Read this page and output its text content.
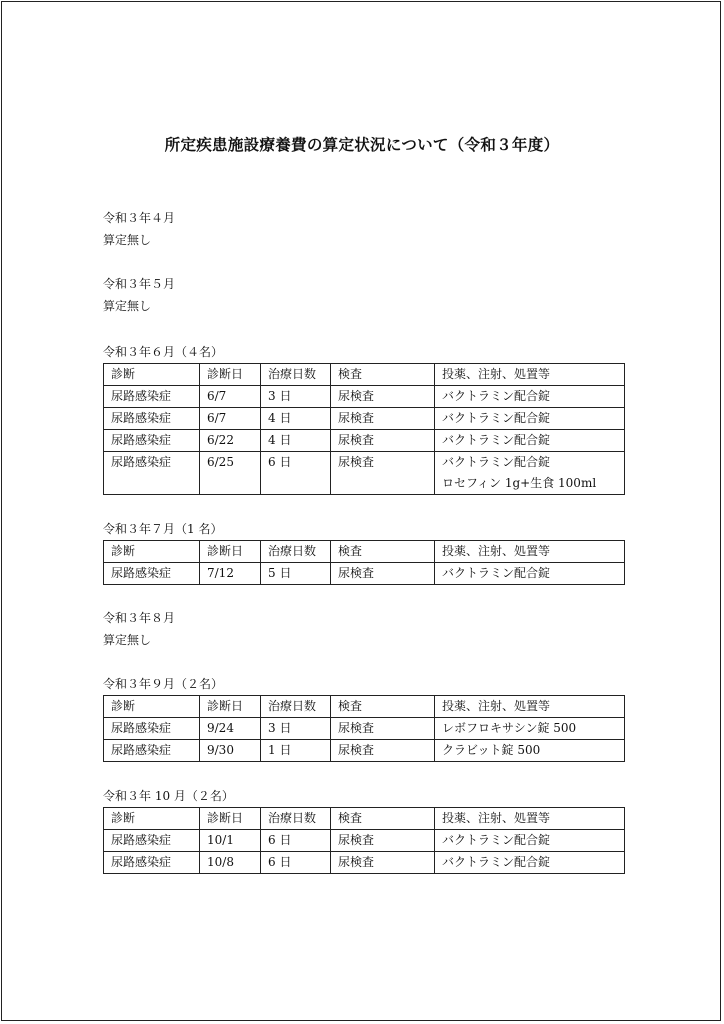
所定疾患施設療養費の算定状況について（令和３年度）
令和３年４月
算定無し
令和３年５月
算定無し
令和３年６月（４名）
診断	診断日	治療日数	検査	投薬、注射、処置等
尿路感染症	6/7	3 日	尿検査	バクトラミン配合錠
尿路感染症	6/7	4 日	尿検査	バクトラミン配合錠
尿路感染症	6/22	4 日	尿検査	バクトラミン配合錠
尿路感染症	6/25	6 日	尿検査	バクトラミン配合錠
ロセフィン 1g+生食 100ml
令和３年７月（1 名）
診断	診断日	治療日数	検査	投薬、注射、処置等
尿路感染症	7/12	5 日	尿検査	バクトラミン配合錠
令和３年８月
算定無し
令和３年９月（２名）
診断	診断日	治療日数	検査	投薬、注射、処置等
尿路感染症	9/24	3 日	尿検査	レボフロキサシン錠 500
尿路感染症	9/30	1 日	尿検査	クラビット錠 500
令和３年 10 月（２名）
診断	診断日	治療日数	検査	投薬、注射、処置等
尿路感染症	10/1	6 日	尿検査	バクトラミン配合錠
尿路感染症	10/8	6 日	尿検査	バクトラミン配合錠
